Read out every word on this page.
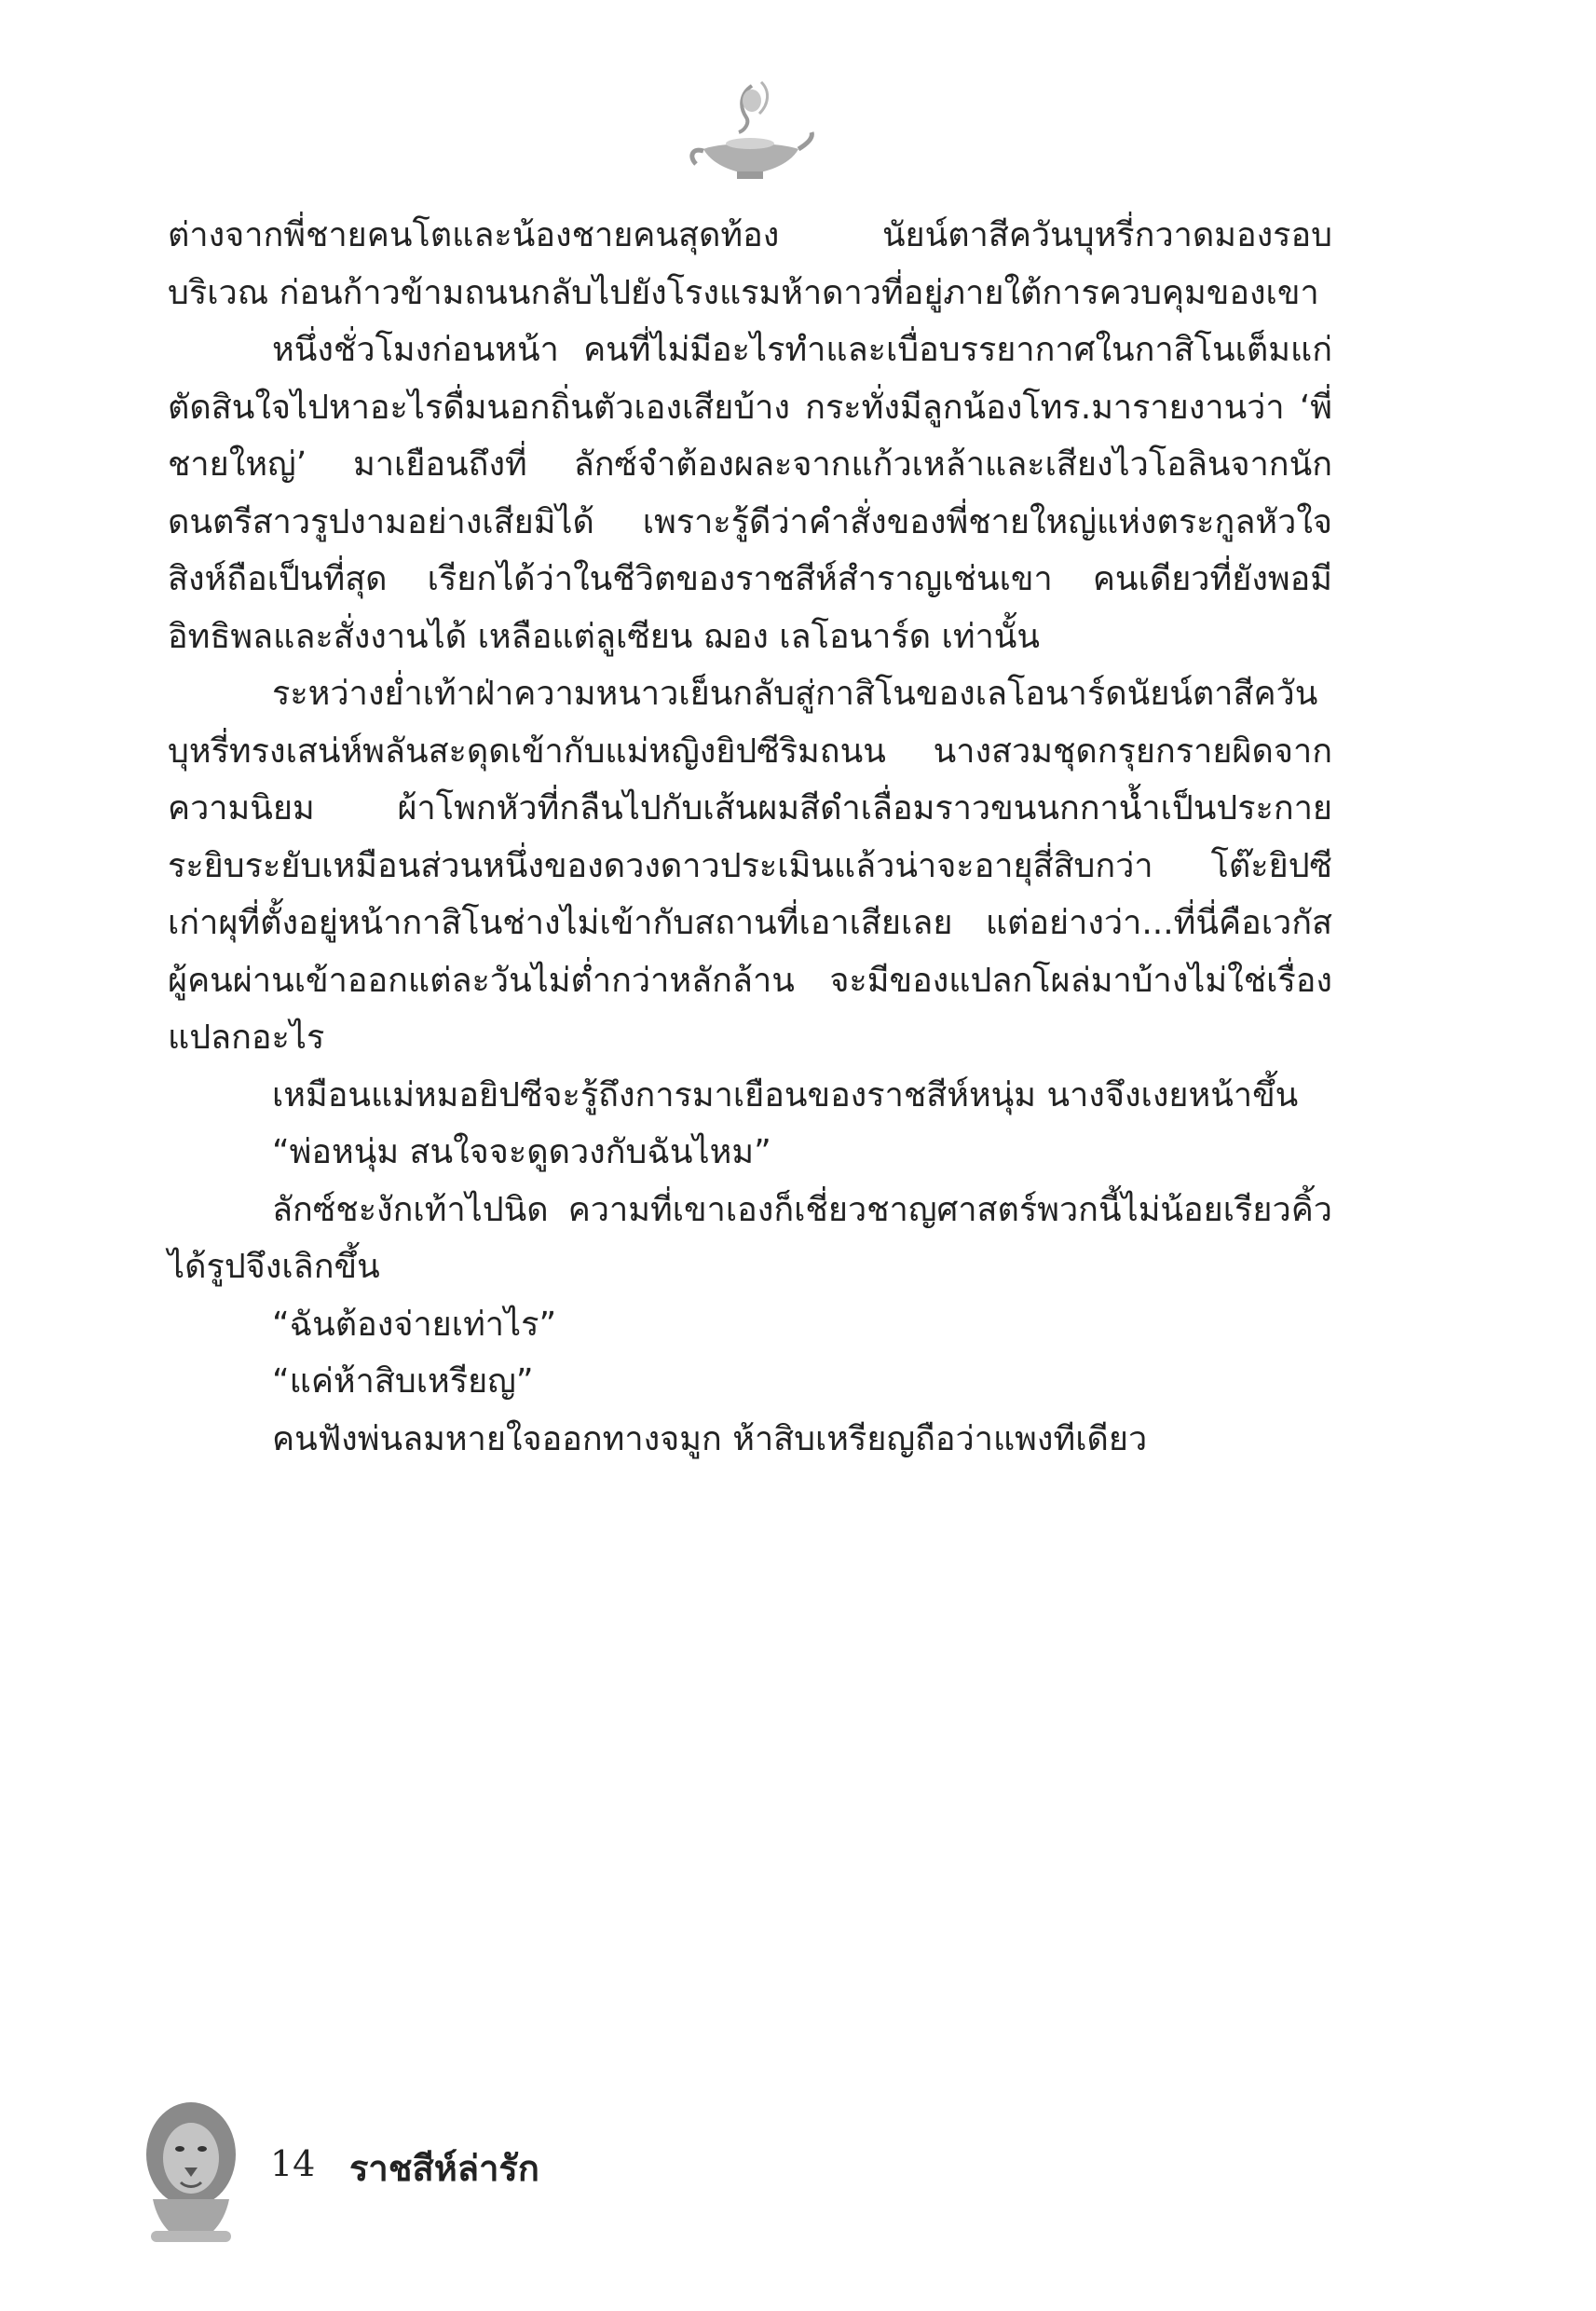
ต่างจากพี่ชายคนโตและน้องชายคนสุดท้อง นัยน์ตาสีควันบุหรี่กวาดมองรอบบริเวณ ก่อนก้าวข้ามถนนกลับไปยังโรงแรมห้าดาวที่อยู่ภายใต้การควบคุมของเขา

หนึ่งชั่วโมงก่อนหน้า คนที่ไม่มีอะไรทำและเบื่อบรรยากาศในกาสิโนเต็มแก่ตัดสินใจไปหาอะไรดื่มนอกถิ่นตัวเองเสียบ้าง กระทั่งมีลูกน้องโทร.มารายงานว่า ‘พี่ชายใหญ่’ มาเยือนถึงที่ ลักซ์จำต้องผละจากแก้วเหล้าและเสียงไวโอลินจากนักดนตรีสาวรูปงามอย่างเสียมิได้ เพราะรู้ดีว่าคำสั่งของพี่ชายใหญ่แห่งตระกูลหัวใจสิงห์ถือเป็นที่สุด เรียกได้ว่าในชีวิตของราชสีห์สำราญเช่นเขา คนเดียวที่ยังพอมีอิทธิพลและสั่งงานได้ เหลือแต่ลูเซียน ฌอง เลโอนาร์ด เท่านั้น

ระหว่างย่ำเท้าฝ่าความหนาวเย็นกลับสู่กาสิโนของเลโอนาร์ดนัยน์ตาสีควันบุหรี่ทรงเสน่ห์พลันสะดุดเข้ากับแม่หญิงยิปซีริมถนน นางสวมชุดกรุยกรายผิดจากความนิยม ผ้าโพกหัวที่กลืนไปกับเส้นผมสีดำเลื่อมราวขนนกกาน้ำเป็นประกายระยิบระยับเหมือนส่วนหนึ่งของดวงดาวประเมินแล้วน่าจะอายุสี่สิบกว่า โต๊ะยิปซีเก่าผุที่ตั้งอยู่หน้ากาสิโนช่างไม่เข้ากับสถานที่เอาเสียเลย แต่อย่างว่า...ที่นี่คือเวกัส ผู้คนผ่านเข้าออกแต่ละวันไม่ต่ำกว่าหลักล้าน จะมีของแปลกโผล่มาบ้างไม่ใช่เรื่องแปลกอะไร

เหมือนแม่หมอยิปซีจะรู้ถึงการมาเยือนของราชสีห์หนุ่ม นางจึงเงยหน้าขึ้น

“พ่อหนุ่ม สนใจจะดูดวงกับฉันไหม”

ลักซ์ชะงักเท้าไปนิด ความที่เขาเองก็เชี่ยวชาญศาสตร์พวกนี้ไม่น้อยเรียวคิ้วได้รูปจึงเลิกขึ้น

“ฉันต้องจ่ายเท่าไร”

“แค่ห้าสิบเหรียญ”

คนฟังพ่นลมหายใจออกทางจมูก ห้าสิบเหรียญถือว่าแพงทีเดียว

14 ราชสีห์ล่ารัก
